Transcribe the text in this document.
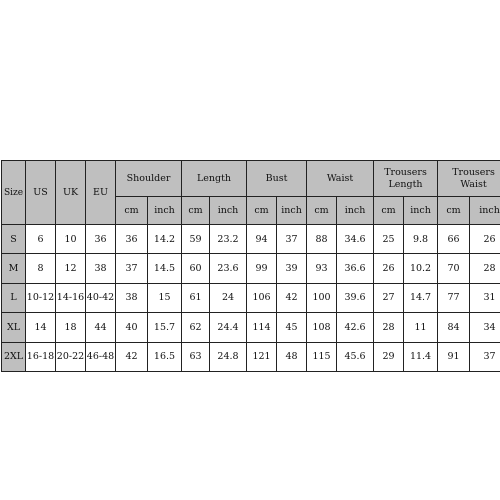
Size	US	UK	EU	Shoulder		Length		Bust		Waist		Trousers Length		Trousers Waist	
				cm	inch	cm	inch	cm	inch	cm	inch	cm	inch	cm	inch
S	6	10	36	36	14.2	59	23.2	94	37	88	34.6	25	9.8	66	26
M	8	12	38	37	14.5	60	23.6	99	39	93	36.6	26	10.2	70	28
L	10-12	14-16	40-42	38	15	61	24	106	42	100	39.6	27	14.7	77	31
XL	14	18	44	40	15.7	62	24.4	114	45	108	42.6	28	11	84	34
2XL	16-18	20-22	46-48	42	16.5	63	24.8	121	48	115	45.6	29	11.4	91	37
